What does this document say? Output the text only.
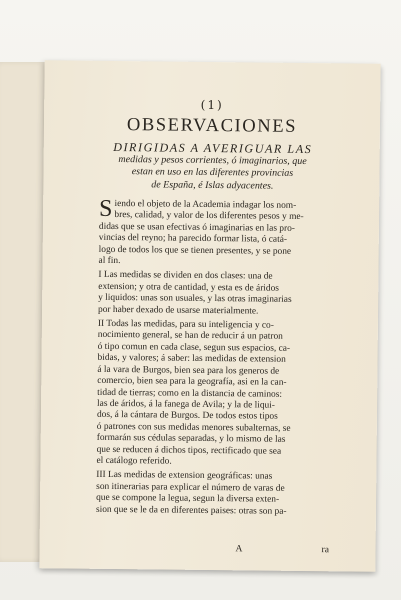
(1)
OBSERVACIONES
DIRIGIDAS A AVERIGUAR LAS
medidas y pesos corrientes, ó imaginarios, que
estan en uso en las diferentes provincias
de España, é Islas adyacentes.
S iendo el objeto de la Academia indagar los nom-
bres, calidad, y valor de los diferentes pesos y me-
didas que se usan efectivas ó imaginarias en las pro-
vincias del reyno; ha parecido formar lista, ó catá-
logo de todos los que se tienen presentes, y se pone
al fin.
I Las medidas se dividen en dos clases: una de
extension; y otra de cantidad, y esta es de áridos
y liquidos: unas son usuales, y las otras imaginarias
por haber dexado de usarse materialmente.
II Todas las medidas, para su inteligencia y co-
nocimiento general, se han de reducir á un patron
ó tipo comun en cada clase, segun sus espacios, ca-
bidas, y valores; á saber: las medidas de extension
á la vara de Burgos, bien sea para los generos de
comercio, bien sea para la geografía, asi en la can-
tidad de tierras; como en la distancia de caminos:
las de áridos, á la fanega de Avila; y la de liqui-
dos, á la cántara de Burgos. De todos estos tipos
ó patrones con sus medidas menores subalternas, se
formarán sus cédulas separadas, y lo mismo de las
que se reducen á dichos tipos, rectificado que sea
el catálogo referido.
III Las medidas de extension geográficas: unas
son itinerarias para explicar el número de varas de
que se compone la legua, segun la diversa exten-
sion que se le da en diferentes paises: otras son pa-
A	ra
